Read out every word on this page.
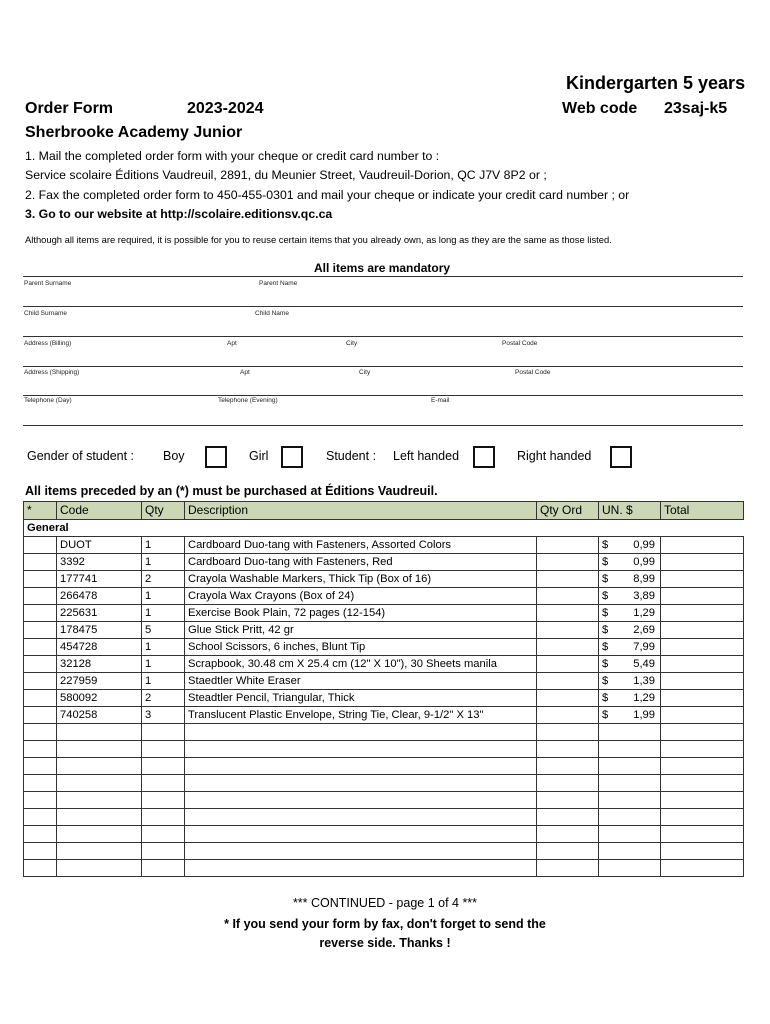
Kindergarten 5 years
Order Form	2023-2024	Web code 23saj-k5
Sherbrooke Academy Junior
1. Mail the completed order form with your cheque or credit card number to :
Service scolaire Éditions Vaudreuil, 2891, du Meunier Street, Vaudreuil-Dorion, QC J7V 8P2 or ;
2. Fax the completed order form to 450-455-0301 and mail your cheque or indicate your credit card number ; or
3. Go to our website at http://scolaire.editionsv.qc.ca
Although all items are required, it is possible for you to reuse certain items that you already own, as long as they are the same as those listed.
All items are mandatory
Parent Surname	Parent Name
Child Surname	Child Name
Address (Billing)	Apt	City	Postal Code
Address (Shipping)	Apt	City	Postal Code
Telephone (Day)	Telephone (Evening)	E-mail
Gender of student : Boy	Girl	Student : Left handed	Right handed
All items preceded by an (*) must be purchased at Éditions Vaudreuil.
*	Code	Qty	Description	Qty Ord	UN. $	Total
General						
	DUOT	1	Cardboard Duo-tang with Fasteners, Assorted Colors		$ 0,99	
	3392	1	Cardboard Duo-tang with Fasteners, Red		$ 0,99	
	177741	2	Crayola Washable Markers, Thick Tip (Box of 16)		$ 8,99	
	266478	1	Crayola Wax Crayons (Box of 24)		$ 3,89	
	225631	1	Exercise Book Plain, 72 pages (12-154)		$ 1,29	
	178475	5	Glue Stick Pritt, 42 gr		$ 2,69	
	454728	1	School Scissors, 6 inches, Blunt Tip		$ 7,99	
	32128	1	Scrapbook, 30.48 cm X 25.4 cm (12" X 10"), 30 Sheets manila		$ 5,49	
	227959	1	Staedtler White Eraser		$ 1,39	
	580092	2	Steadtler Pencil, Triangular, Thick		$ 1,29	
	740258	3	Translucent Plastic Envelope, String Tie, Clear, 9-1/2" X 13"		$ 1,99	

*** CONTINUED - page 1 of 4 ***
* If you send your form by fax, don't forget to send the
reverse side. Thanks !
